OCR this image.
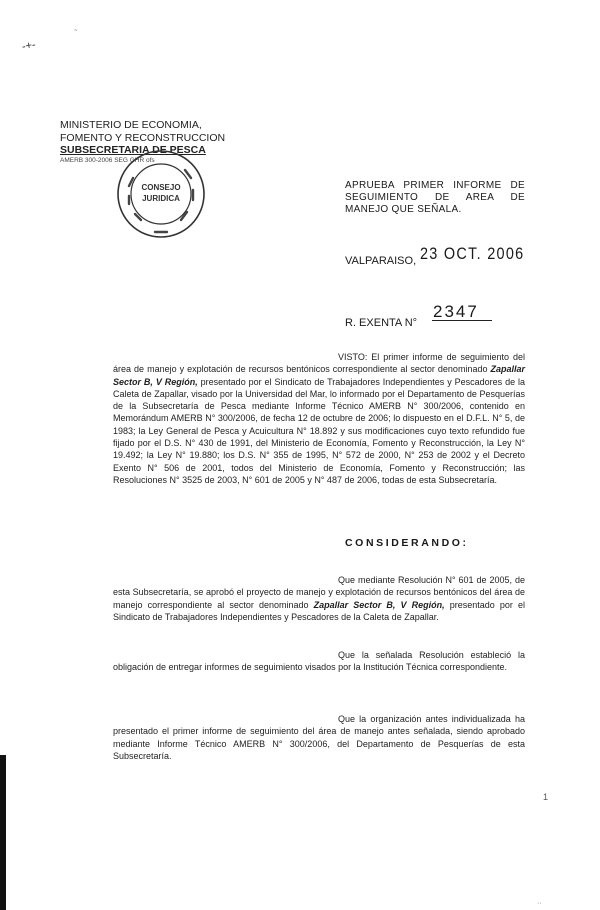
-+-
~
MINISTERIO DE ECONOMIA,
FOMENTO Y RECONSTRUCCION
SUBSECRETARIA DE PESCA
AMERB 300-2006 SEG GHR ofs
CONSEJO
JURIDICA
APRUEBA PRIMER INFORME DE SEGUIMIENTO DE AREA DE MANEJO QUE SEÑALA.
VALPARAISO, 23 OCT. 2006
R. EXENTA N°
2347

VISTO: El primer informe de seguimiento del área de manejo y explotación de recursos bentónicos correspondiente al sector denominado Zapallar Sector B, V Región, presentado por el Sindicato de Trabajadores Independientes y Pescadores de la Caleta de Zapallar, visado por la Universidad del Mar, lo informado por el Departamento de Pesquerías de la Subsecretaría de Pesca mediante Informe Técnico AMERB N° 300/2006, contenido en Memorándum AMERB N° 300/2006, de fecha 12 de octubre de 2006; lo dispuesto en el D.F.L. N° 5, de 1983; la Ley General de Pesca y Acuicultura N° 18.892 y sus modificaciones cuyo texto refundido fue fijado por el D.S. N° 430 de 1991, del Ministerio de Economía, Fomento y Reconstrucción, la Ley N° 19.492; la Ley N° 19.880; los D.S. N° 355 de 1995, N° 572 de 2000, N° 253 de 2002 y el Decreto Exento N° 506 de 2001, todos del Ministerio de Economía, Fomento y Reconstrucción; las Resoluciones N° 3525 de 2003, N° 601 de 2005 y N° 487 de 2006, todas de esta Subsecretaría.

CONSIDERANDO:

Que mediante Resolución N° 601 de 2005, de esta Subsecretaría, se aprobó el proyecto de manejo y explotación de recursos bentónicos del área de manejo correspondiente al sector denominado Zapallar Sector B, V Región, presentado por el Sindicato de Trabajadores Independientes y Pescadores de la Caleta de Zapallar.

Que la señalada Resolución estableció la obligación de entregar informes de seguimiento visados por la Institución Técnica correspondiente.

Que la organización antes individualizada ha presentado el primer informe de seguimiento del área de manejo antes señalada, siendo aprobado mediante Informe Técnico AMERB N° 300/2006, del Departamento de Pesquerías de esta Subsecretaría.

1
··
